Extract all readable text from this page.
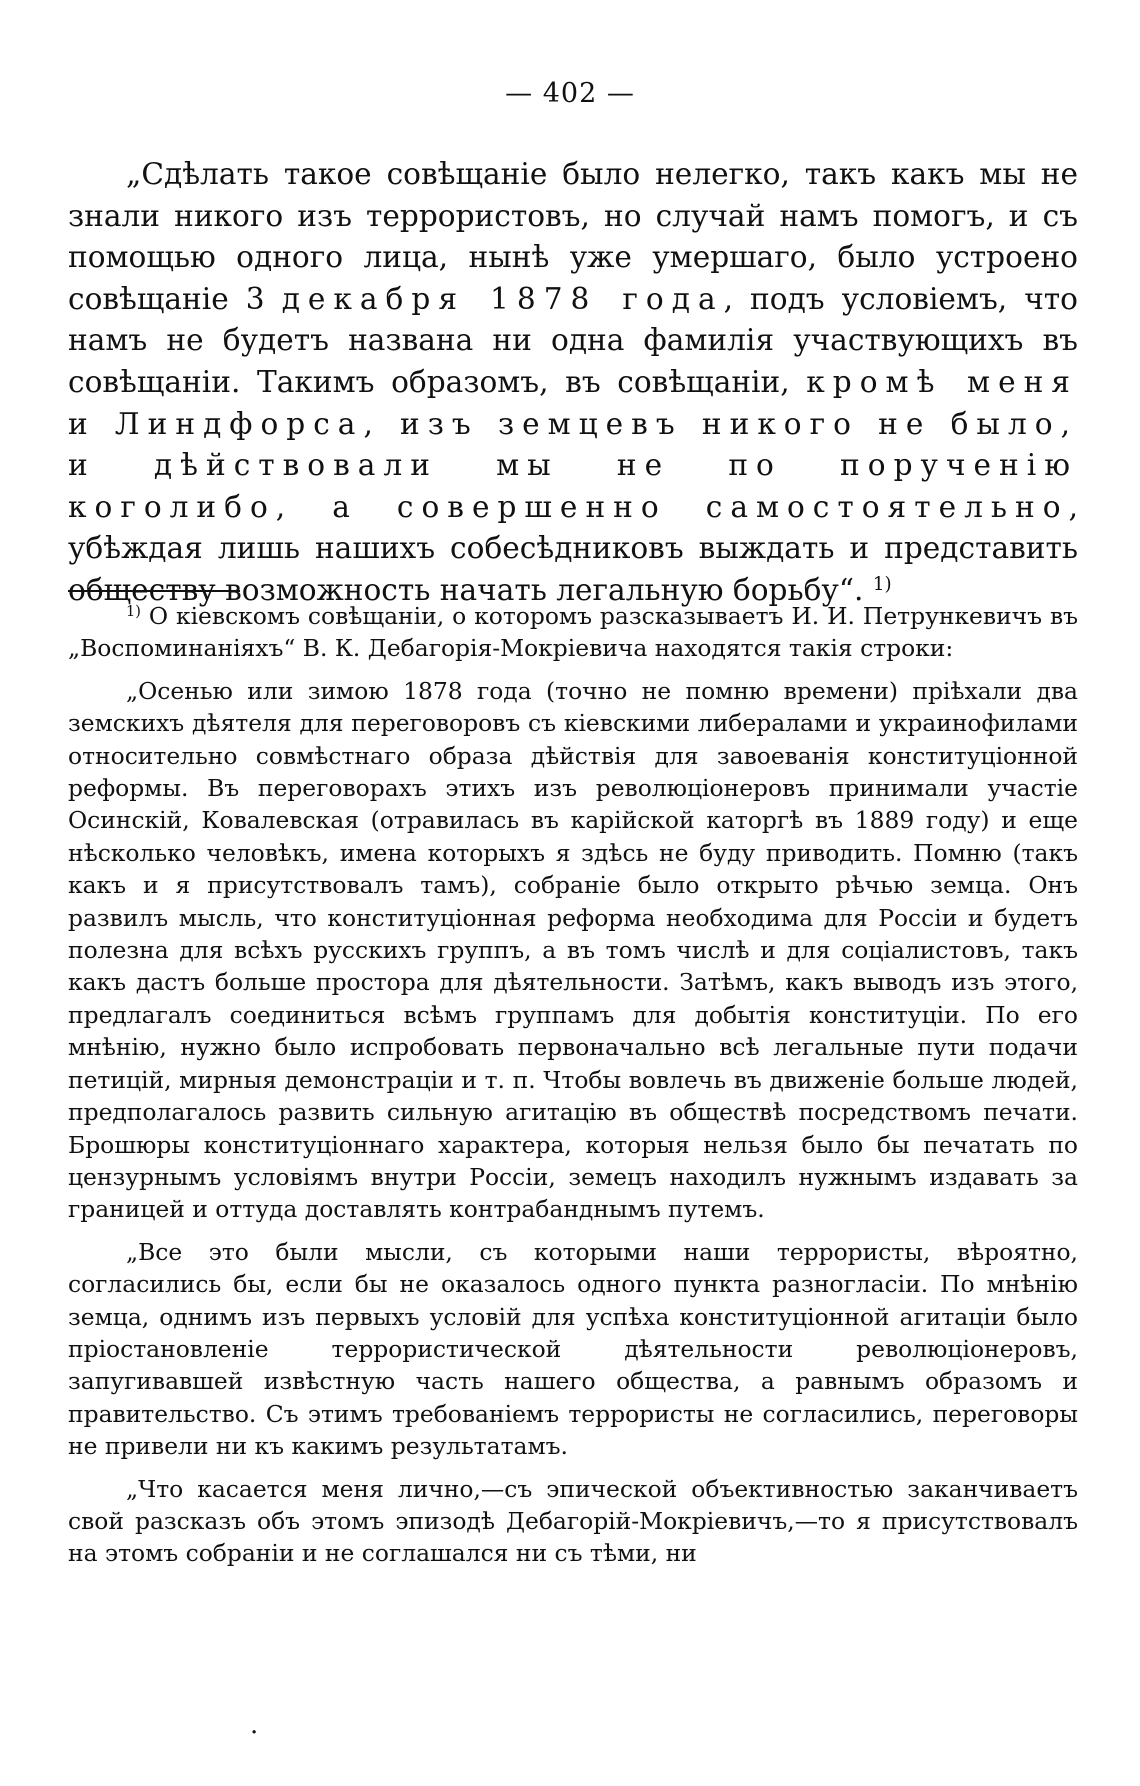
— 402 —
„Сдѣлать такое совѣщаніе было нелегко, такъ какъ мы не знали никого изъ террористовъ, но случай намъ помогъ, и съ помощью одного лица, нынѣ уже умершаго, было устроено совѣщаніе 3 декабря 1878 года, подъ условіемъ, что намъ не будетъ названа ни одна фамилія участвующихъ въ совѣщаніи. Такимъ образомъ, въ совѣщаніи, кромѣ меня и Линдфорса, изъ земцевъ никого не было, и дѣйствовали мы не по порученію коголибо, а совершенно самостоятельно, убѣждая лишь нашихъ собесѣдниковъ выждать и представить обществу возможность начать легальную борьбу“. $^{1)}$

$^{1)}$ О кіевскомъ совѣщаніи, о которомъ разсказываетъ И. И. Петрункевичъ въ „Воспоминаніяхъ“ В. К. Дебагорія-Мокріевича находятся такія строки:

„Осенью или зимою 1878 года (точно не помню времени) пріѣхали два земскихъ дѣятеля для переговоровъ съ кіевскими либералами и украинофилами относительно совмѣстнаго образа дѣйствія для завоеванія конституціонной реформы. Въ переговорахъ этихъ изъ революціонеровъ принимали участіе Осинскій, Ковалевская (отравилась въ карійской каторгѣ въ 1889 году) и еще нѣсколько человѣкъ, имена которыхъ я здѣсь не буду приводить. Помню (такъ какъ и я присутствовалъ тамъ), собраніе было открыто рѣчью земца. Онъ развилъ мысль, что конституціонная реформа необходима для Россіи и будетъ полезна для всѣхъ русскихъ группъ, а въ томъ числѣ и для соціалистовъ, такъ какъ дастъ больше простора для дѣятельности. Затѣмъ, какъ выводъ изъ этого, предлагалъ соединиться всѣмъ группамъ для добытія конституціи. По его мнѣнію, нужно было испробовать первоначально всѣ легальные пути подачи петицій, мирныя демонстраціи и т. п. Чтобы вовлечь въ движеніе больше людей, предполагалось развить сильную агитацію въ обществѣ посредствомъ печати. Брошюры конституціоннаго характера, которыя нельзя было бы печатать по цензурнымъ условіямъ внутри Россіи, земецъ находилъ нужнымъ издавать за границей и оттуда доставлять контрабанднымъ путемъ.

„Все это были мысли, съ которыми наши террористы, вѣроятно, согласились бы, если бы не оказалось одного пункта разногласіи. По мнѣнію земца, однимъ изъ первыхъ условій для успѣха конституціонной агитаціи было пріостановленіе террористической дѣятельности революціонеровъ, запугивавшей извѣстную часть нашего общества, а равнымъ образомъ и правительство. Съ этимъ требованіемъ террористы не согласились, переговоры не привели ни къ какимъ результатамъ.

„Что касается меня лично,—съ эпической объективностью заканчиваетъ свой разсказъ объ этомъ эпизодѣ Дебагорій-Мокріевичъ,—то я присутствовалъ на этомъ собраніи и не соглашался ни съ тѣми, ни

·
